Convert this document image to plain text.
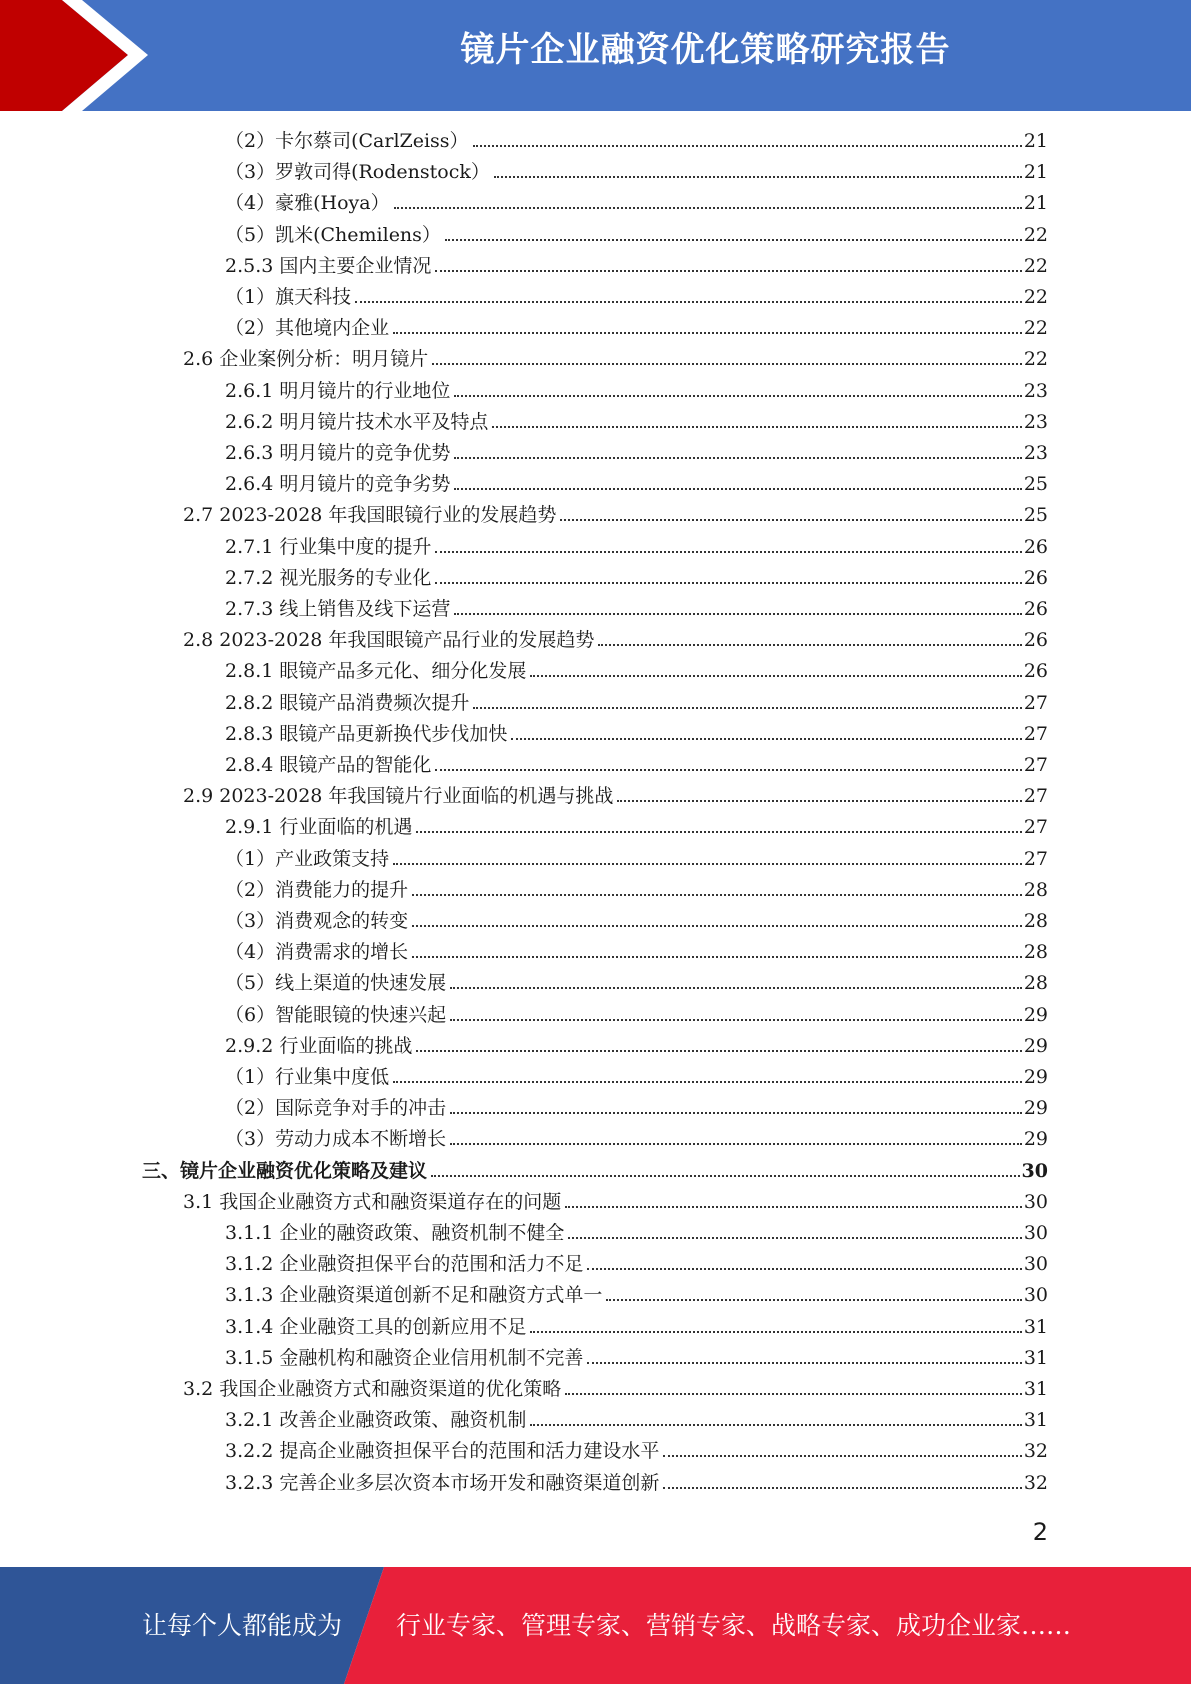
镜片企业融资优化策略研究报告
（2）卡尔蔡司(CarlZeiss）	21
（3）罗敦司得(Rodenstock）	21
（4）豪雅(Hoya）	21
（5）凯米(Chemilens）	22
2.5.3 国内主要企业情况	22
（1）旗天科技	22
（2）其他境内企业	22
2.6 企业案例分析：明月镜片	22
2.6.1 明月镜片的行业地位	23
2.6.2 明月镜片技术水平及特点	23
2.6.3 明月镜片的竞争优势	23
2.6.4 明月镜片的竞争劣势	25
2.7 2023-2028 年我国眼镜行业的发展趋势	25
2.7.1 行业集中度的提升	26
2.7.2 视光服务的专业化	26
2.7.3 线上销售及线下运营	26
2.8 2023-2028 年我国眼镜产品行业的发展趋势	26
2.8.1 眼镜产品多元化、细分化发展	26
2.8.2 眼镜产品消费频次提升	27
2.8.3 眼镜产品更新换代步伐加快	27
2.8.4 眼镜产品的智能化	27
2.9 2023-2028 年我国镜片行业面临的机遇与挑战	27
2.9.1 行业面临的机遇	27
（1）产业政策支持	27
（2）消费能力的提升	28
（3）消费观念的转变	28
（4）消费需求的增长	28
（5）线上渠道的快速发展	28
（6）智能眼镜的快速兴起	29
2.9.2 行业面临的挑战	29
（1）行业集中度低	29
（2）国际竞争对手的冲击	29
（3）劳动力成本不断增长	29
三、镜片企业融资优化策略及建议	30
3.1 我国企业融资方式和融资渠道存在的问题	30
3.1.1 企业的融资政策、融资机制不健全	30
3.1.2 企业融资担保平台的范围和活力不足	30
3.1.3 企业融资渠道创新不足和融资方式单一	30
3.1.4 企业融资工具的创新应用不足	31
3.1.5 金融机构和融资企业信用机制不完善	31
3.2 我国企业融资方式和融资渠道的优化策略	31
3.2.1 改善企业融资政策、融资机制	31
3.2.2 提高企业融资担保平台的范围和活力建设水平	32
3.2.3 完善企业多层次资本市场开发和融资渠道创新	32
2
让每个人都能成为 行业专家、管理专家、营销专家、战略专家、成功企业家……
